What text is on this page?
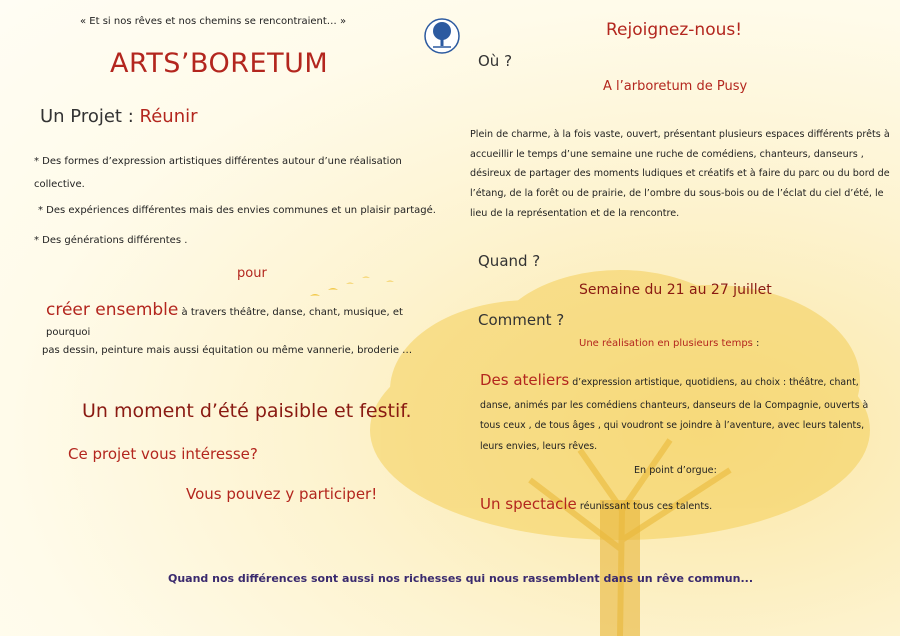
« Et si nos rêves et nos chemins se rencontraient… »
ARTS’BORETUM
Un Projet : Réunir
* Des formes d’expression artistiques différentes autour d’une réalisation collective.
* Des expériences différentes mais des envies communes et un plaisir partagé.
* Des générations différentes .
pour
créer ensemble à travers théâtre, danse, chant, musique, et pourquoi
pas dessin, peinture mais aussi équitation ou même vannerie, broderie …
Un moment d’été paisible et festif.
Ce projet vous intéresse?
Vous pouvez y participer!
Rejoignez-nous!
Où ?
A l’arboretum de Pusy
Plein de charme, à la fois vaste, ouvert, présentant plusieurs espaces différents prêts à accueillir le temps d’une semaine une ruche de comédiens, chanteurs, danseurs , désireux de partager des moments ludiques et créatifs et à faire du parc ou du bord de l’étang, de la forêt ou de prairie, de l’ombre du sous-bois ou de l’éclat du ciel d’été, le lieu de la représentation et de la rencontre.
Quand ?
Semaine du 21 au 27 juillet
Comment ?
Une réalisation en plusieurs temps :
Des ateliers d’expression artistique, quotidiens, au choix : théâtre, chant, danse, animés par les comédiens chanteurs, danseurs de la Compagnie, ouverts à tous ceux , de tous âges , qui voudront se joindre à l’aventure, avec leurs talents, leurs envies, leurs rêves.
En point d’orgue:
Un spectacle réunissant tous ces talents.
Quand nos différences sont aussi nos richesses qui nous rassemblent dans un rêve commun...
